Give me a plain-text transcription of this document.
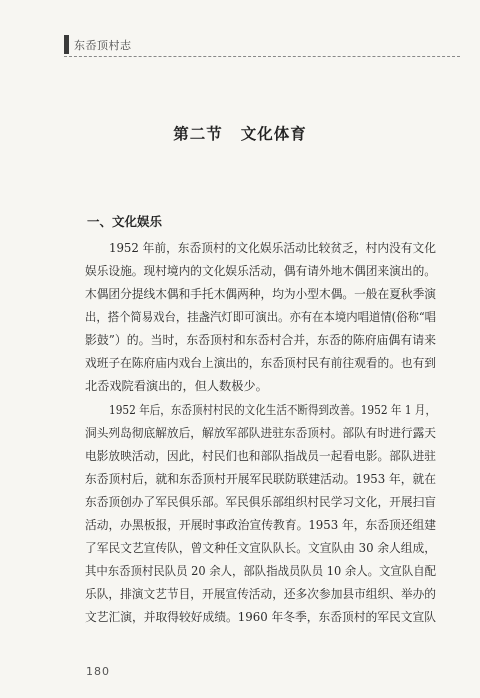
东岙顶村志
第二节 文化体育
一、文化娱乐
1952 年前，东岙顶村的文化娱乐活动比较贫乏，村内没有文化
娱乐设施。现村境内的文化娱乐活动，偶有请外地木偶团来演出的。
木偶团分提线木偶和手托木偶两种，均为小型木偶。一般在夏秋季演
出，搭个简易戏台，挂盏汽灯即可演出。亦有在本境内唱道情(俗称“唱
影鼓”）的。当时，东岙顶村和东岙村合并，东岙的陈府庙偶有请来
戏班子在陈府庙内戏台上演出的，东岙顶村民有前往观看的。也有到
北岙戏院看演出的，但人数极少。
1952 年后，东岙顶村村民的文化生活不断得到改善。1952 年 1 月，
洞头列岛彻底解放后，解放军部队进驻东岙顶村。部队有时进行露天
电影放映活动，因此，村民们也和部队指战员一起看电影。部队进驻
东岙顶村后，就和东岙顶村开展军民联防联建活动。1953 年，就在
东岙顶创办了军民俱乐部。军民俱乐部组织村民学习文化，开展扫盲
活动，办黑板报，开展时事政治宣传教育。1953 年，东岙顶还组建
了军民文艺宣传队，曾文种任文宣队队长。文宣队由 30 余人组成，
其中东岙顶村民队员 20 余人，部队指战员队员 10 余人。文宣队自配
乐队，排演文艺节目，开展宣传活动，还多次参加县市组织、举办的
文艺汇演，并取得较好成绩。1960 年冬季，东岙顶村的军民文宣队
180
